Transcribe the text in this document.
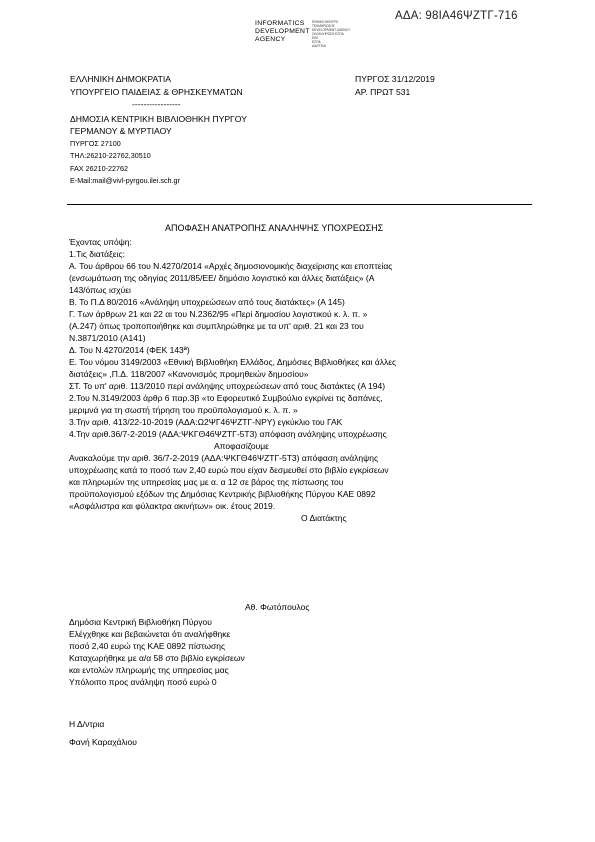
ΑΔΑ: 98ΙΑ46ΨΖΤΓ-716
INFORMATICS
DEVELOPMENT
AGENCY
ΕΘΝΙΚΟ ΚΕΝΤΡΟ
ΤΕΚΜΗΡΙΩΣΗΣ
DEVELOPMENT AGENCY
ΟΛΟΚΛΗΡΩΣΗ ΕΣΠΑ
ΕΕΕ
ΕΣΠΑ
ΔΙΑΥΓΕΙΑ
ΕΛΛΗΝΙΚΗ ΔΗΜΟΚΡΑΤΙΑ
ΥΠΟΥΡΓΕΙΟ ΠΑΙΔΕΙΑΣ & ΘΡΗΣΚΕΥΜΑΤΩΝ
-----------------
ΔΗΜΟΣΙΑ ΚΕΝΤΡΙΚΗ ΒΙΒΛΙΟΘΗΚΗ ΠΥΡΓΟΥ
ΓΕΡΜΑΝΟΥ & ΜΥΡΤΙΑΟΥ
ΠΥΡΓΟΣ 27100
ΤΗΛ:26210-22762,30510
FAX 26210-22762
E-Mail:mail@vivl-pyrgou.ilei.sch.gr
ΠΥΡΓΟΣ 31/12/2019
ΑΡ. ΠΡΩΤ 531
ΑΠΟΦΑΣΗ ΑΝΑΤΡΟΠΗΣ ΑΝΑΛΗΨΗΣ ΥΠΟΧΡΕΩΣΗΣ
Έχοντας υπόψη:
1.Τις διατάξεις:
Α. Του άρθρου 66 του Ν.4270/2014 «Αρχές δημοσιονομικής διαχείρισης και εποπτείας
(ενσωμάτωση της οδηγίας 2011/85/ΕΕ/ δημόσιο λογιστικό και άλλες διατάξεις» (Α
143/όπως ισχύει
Β. Το Π.Δ 80/2016 «Ανάληψη υποχρεώσεων από τους διατάκτες» (Α 145)
Γ. Των άρθρων 21 και 22 αι του Ν.2362/95 «Περί δημοσίου λογιστικού κ. λ. π. »
(Α.247) όπως τροποποιήθηκε και συμπληρώθηκε με τα υπ' αριθ. 21 και 23 του
Ν.3871/2010 (Α141)
Δ. Του Ν.4270/2014 (ΦΕΚ 143ª)
Ε. Του νόμου 3149/2003 «Εθνική Βιβλιοθήκη Ελλάδος, Δημόσιες Βιβλιοθήκες και άλλες
διατάξεις» ,Π.Δ. 118/2007 «Κανονισμός προμηθειών δημοσίου»
ΣΤ. Το υπ' αριθ. 113/2010 περί ανάληψης υποχρεώσεων από τους διατάκτες (Α 194)
2.Του Ν.3149/2003 άρθρ 6 παρ.3β «το Εφορευτικό Συμβούλιο εγκρίνει τις δαπάνες,
μεριμνά για τη σωστή τήρηση του προϋπολογισμού κ. λ. π. »
3.Την αριθ. 413/22-10-2019 (ΑΔΑ:Ω2ΨΓ46ΨΖΤΓ-ΝΡΥ) εγκύκλιο του ΓΑΚ
4.Την αριθ.36/7-2-2019 (ΑΔΑ:ΨΚΓΘ46ΨΖΤΓ-5Τ3) απόφαση ανάληψης υποχρέωσης
Αποφασίζουμε
Ανακαλούμε την αριθ. 36/7-2-2019 (ΑΔΑ:ΨΚΓΘ46ΨΖΤΓ-5Τ3) απόφαση ανάληψης
υποχρέωσης κατά το ποσό των 2,40 ευρώ που είχαν δεσμευθεί στο βιβλίο εγκρίσεων
και πληρωμών της υπηρεσίας μας με α. α 12 σε βάρος της πίστωσης του
προϋπολογισμού εξόδων της Δημόσιας Κεντρικής βιβλιοθήκης Πύργου ΚΑΕ 0892
«Ασφάλιστρα και φύλακτρα ακινήτων» οικ. έτους 2019.
Ο Διατάκτης
Αθ. Φωτόπουλος
Δημόσια Κεντρική Βιβλιοθήκη Πύργου
Ελέγχθηκε και βεβαιώνεται ότι αναλήφθηκε
ποσό 2,40 ευρώ της ΚΑΕ 0892 πίστωσης
Καταχωρήθηκε με α/α 58 στο βιβλίο εγκρίσεων
και εντολών πληρωμής της υπηρεσίας μας
Υπόλοιπο προς ανάληψη ποσό ευρώ 0
Η Δ/ντρια
Φανή Καραχάλιου
